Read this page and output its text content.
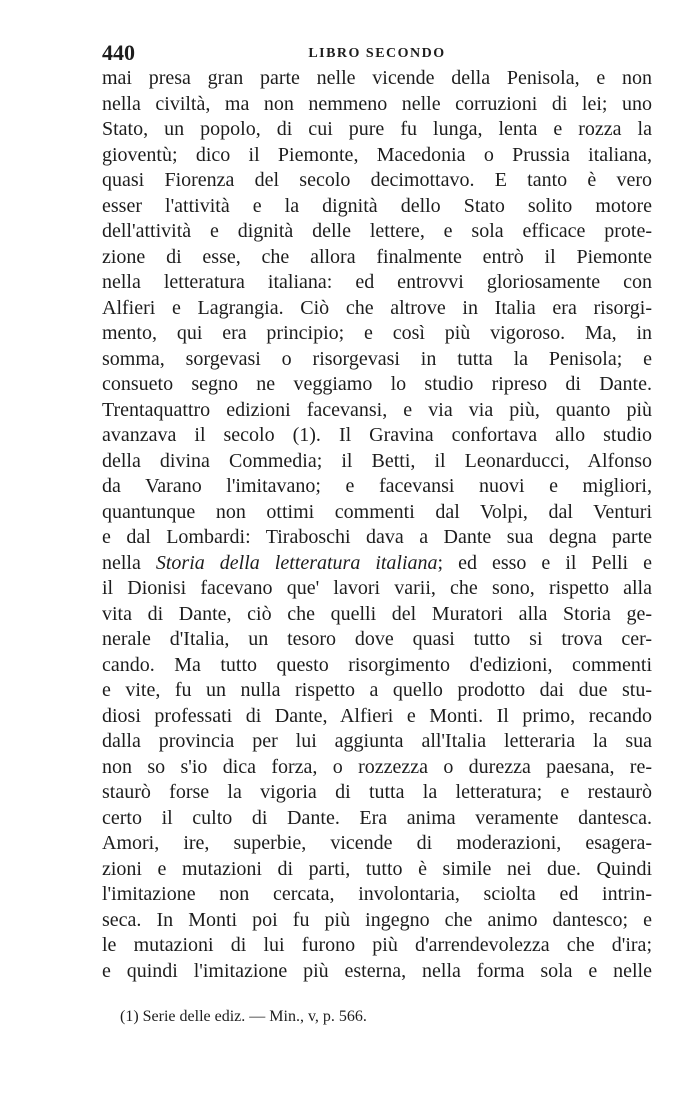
440	LIBRO SECONDO
mai presa gran parte nelle vicende della Penisola, e non
nella civiltà, ma non nemmeno nelle corruzioni di lei; uno
Stato, un popolo, di cui pure fu lunga, lenta e rozza la
gioventù; dico il Piemonte, Macedonia o Prussia italiana,
quasi Fiorenza del secolo decimottavo. E tanto è vero
esser l'attività e la dignità dello Stato solito motore
dell'attività e dignità delle lettere, e sola efficace prote-
zione di esse, che allora finalmente entrò il Piemonte
nella letteratura italiana: ed entrovvi gloriosamente con
Alfieri e Lagrangia. Ciò che altrove in Italia era risorgi-
mento, qui era principio; e così più vigoroso. Ma, in
somma, sorgevasi o risorgevasi in tutta la Penisola; e
consueto segno ne veggiamo lo studio ripreso di Dante.
Trentaquattro edizioni facevansi, e via via più, quanto più
avanzava il secolo (1). Il Gravina confortava allo studio
della divina Commedia; il Betti, il Leonarducci, Alfonso
da Varano l'imitavano; e facevansi nuovi e migliori,
quantunque non ottimi commenti dal Volpi, dal Venturi
e dal Lombardi: Tiraboschi dava a Dante sua degna parte
nella Storia della letteratura italiana; ed esso e il Pelli e
il Dionisi facevano que' lavori varii, che sono, rispetto alla
vita di Dante, ciò che quelli del Muratori alla Storia ge-
nerale d'Italia, un tesoro dove quasi tutto si trova cer-
cando. Ma tutto questo risorgimento d'edizioni, commenti
e vite, fu un nulla rispetto a quello prodotto dai due stu-
diosi professati di Dante, Alfieri e Monti. Il primo, recando
dalla provincia per lui aggiunta all'Italia letteraria la sua
non so s'io dica forza, o rozzezza o durezza paesana, re-
staurò forse la vigoria di tutta la letteratura; e restaurò
certo il culto di Dante. Era anima veramente dantesca.
Amori, ire, superbie, vicende di moderazioni, esagera-
zioni e mutazioni di parti, tutto è simile nei due. Quindi
l'imitazione non cercata, involontaria, sciolta ed intrin-
seca. In Monti poi fu più ingegno che animo dantesco; e
le mutazioni di lui furono più d'arrendevolezza che d'ira;
e quindi l'imitazione più esterna, nella forma sola e nelle
(1) Serie delle ediz. — Min., v, p. 566.
